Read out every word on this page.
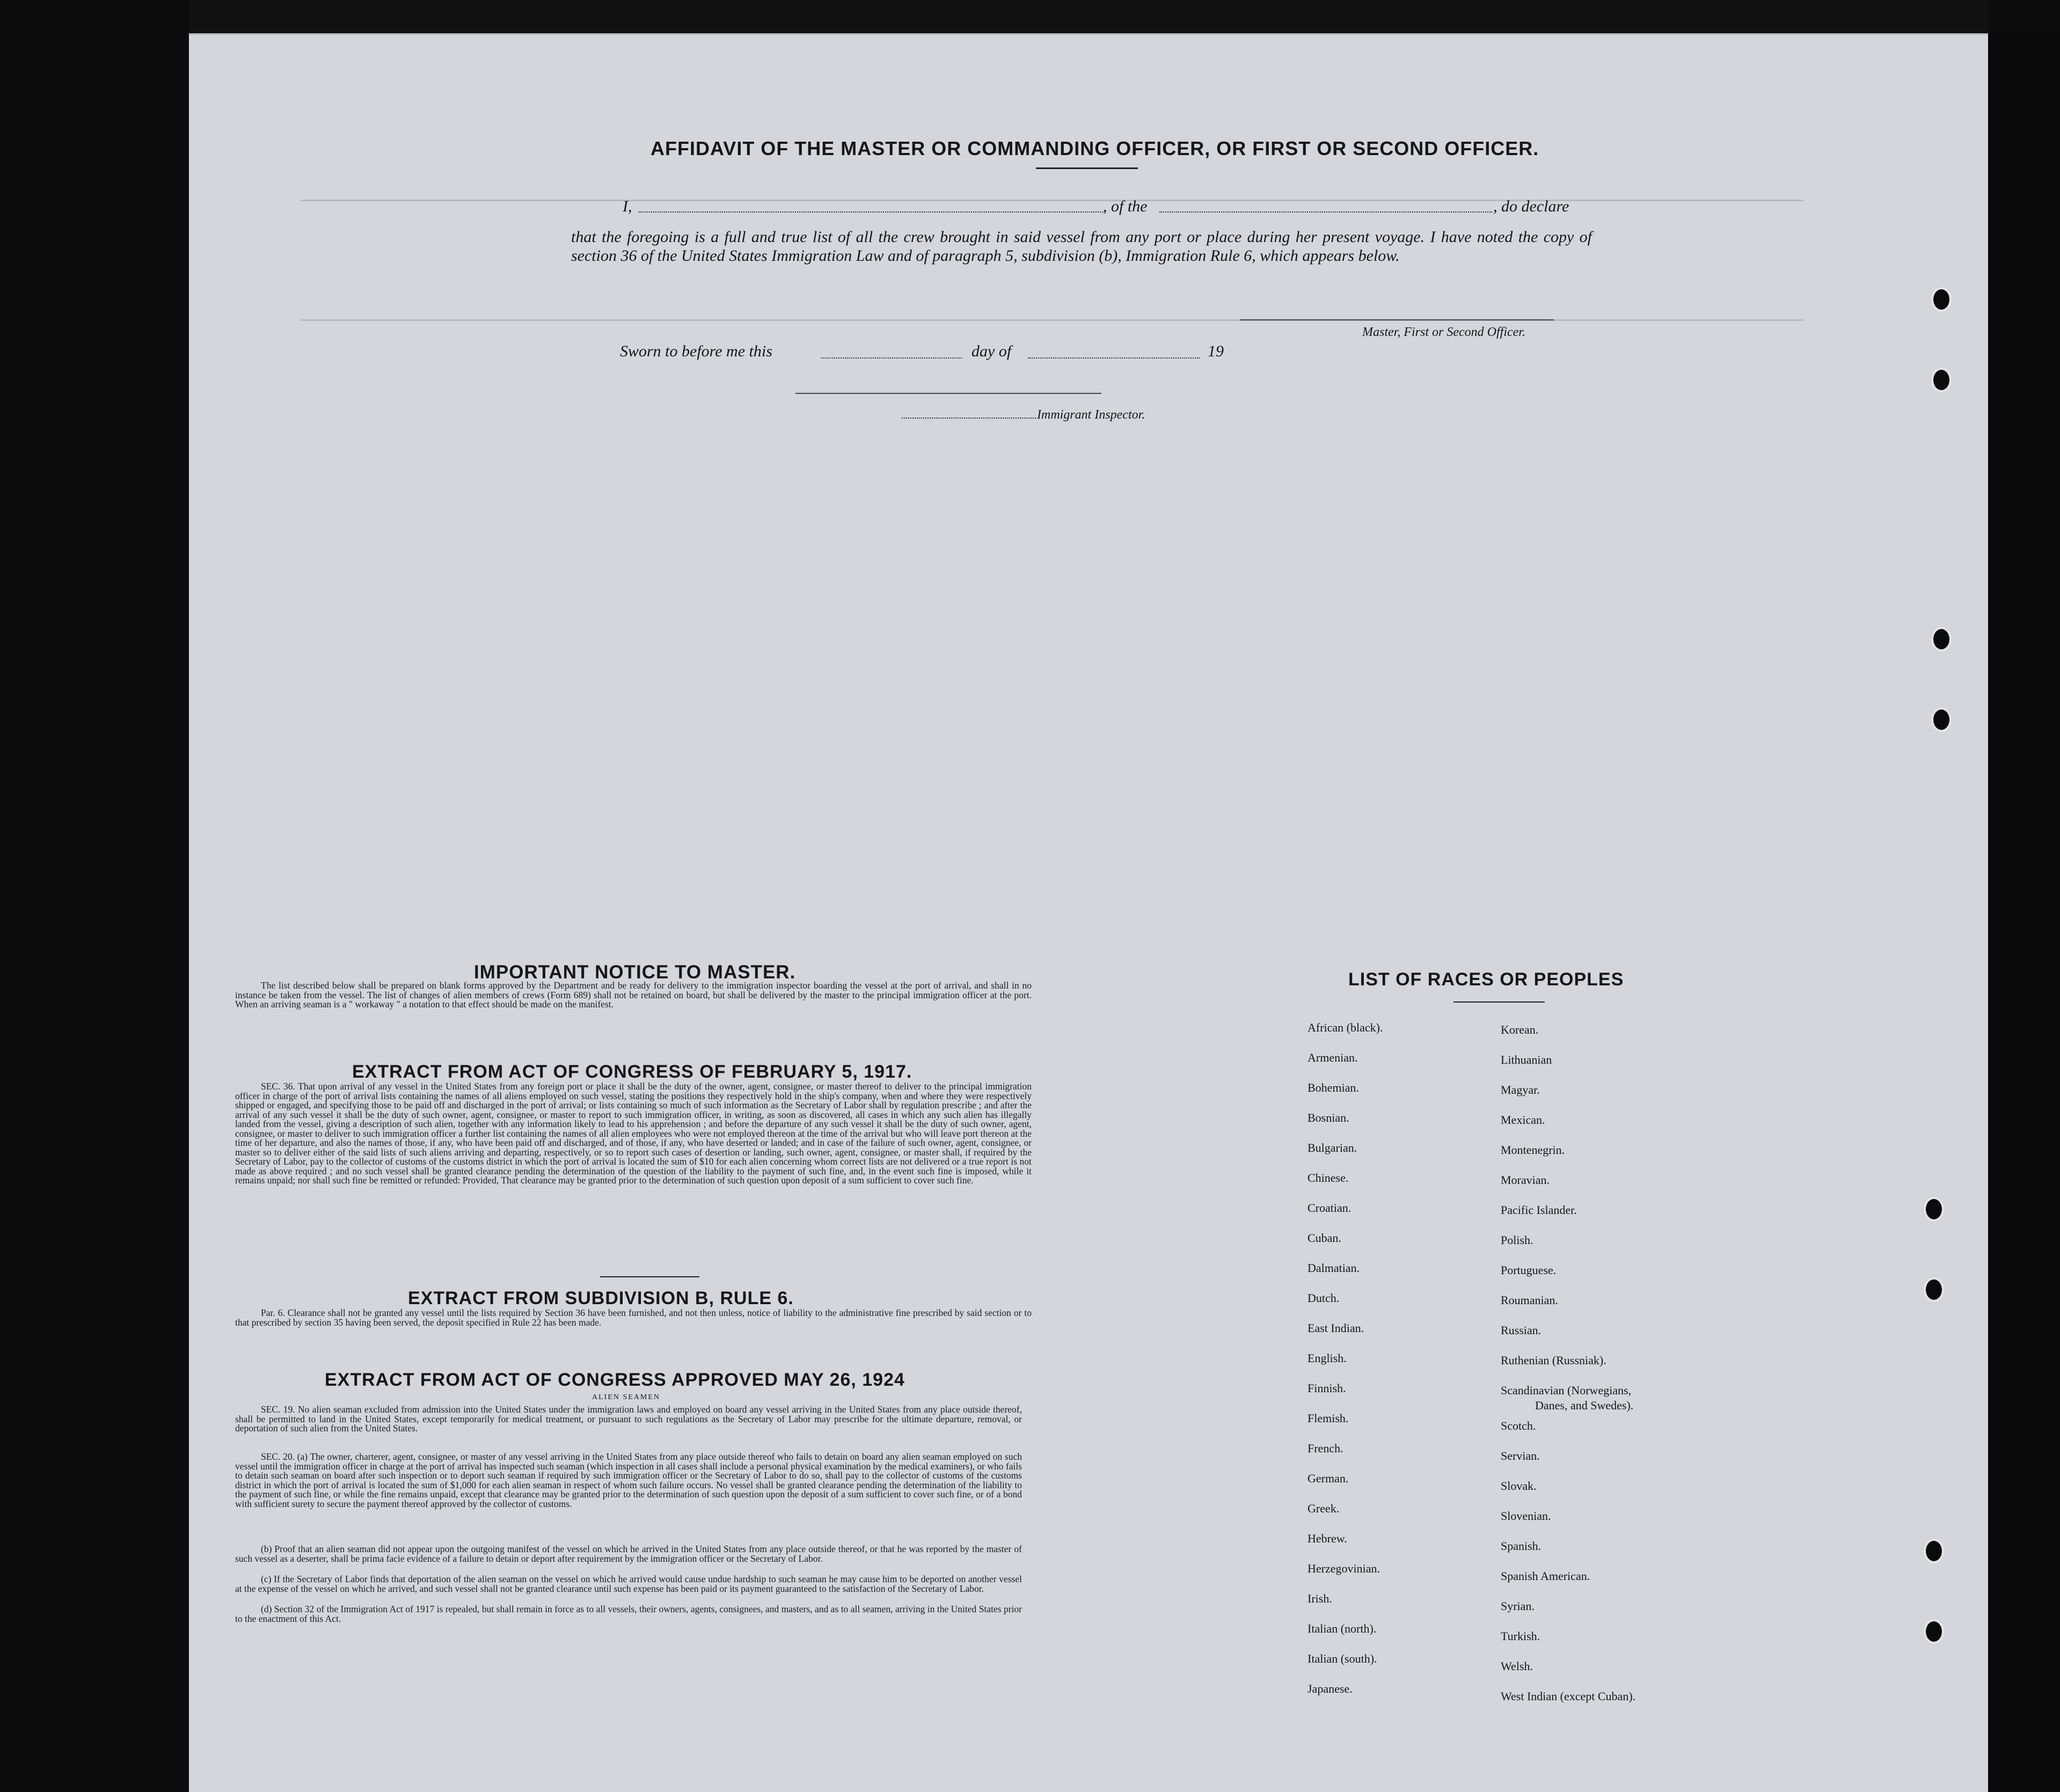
AFFIDAVIT OF THE MASTER OR COMMANDING OFFICER, OR FIRST OR SECOND OFFICER.
I,	, of the	, do declare
that the foregoing is a full and true list of all the crew brought in said vessel from any port or place during her present voyage. I have noted the copy of section 36 of the United States Immigration Law and of paragraph 5, subdivision (b), Immigration Rule 6, which appears below.
Master, First or Second Officer.
Sworn to before me this	day of	19
Immigrant Inspector.
IMPORTANT NOTICE TO MASTER.
The list described below shall be prepared on blank forms approved by the Department and be ready for delivery to the immigration inspector boarding the vessel at the port of arrival, and shall in no instance be taken from the vessel. The list of changes of alien members of crews (Form 689) shall not be retained on board, but shall be delivered by the master to the principal immigration officer at the port. When an arriving seaman is a " workaway " a notation to that effect should be made on the manifest.
EXTRACT FROM ACT OF CONGRESS OF FEBRUARY 5, 1917.
SEC. 36. That upon arrival of any vessel in the United States from any foreign port or place it shall be the duty of the owner, agent, consignee, or master thereof to deliver to the principal immigration officer in charge of the port of arrival lists containing the names of all aliens employed on such vessel, stating the positions they respectively hold in the ship's company, when and where they were respectively shipped or engaged, and specifying those to be paid off and discharged in the port of arrival; or lists containing so much of such information as the Secretary of Labor shall by regulation prescribe ; and after the arrival of any such vessel it shall be the duty of such owner, agent, consignee, or master to report to such immigration officer, in writing, as soon as discovered, all cases in which any such alien has illegally landed from the vessel, giving a description of such alien, together with any information likely to lead to his apprehension ; and before the departure of any such vessel it shall be the duty of such owner, agent, consignee, or master to deliver to such immigration officer a further list containing the names of all alien employees who were not employed thereon at the time of the arrival but who will leave port thereon at the time of her departure, and also the names of those, if any, who have been paid off and discharged, and of those, if any, who have deserted or landed; and in case of the failure of such owner, agent, consignee, or master so to deliver either of the said lists of such aliens arriving and departing, respectively, or so to report such cases of desertion or landing, such owner, agent, consignee, or master shall, if required by the Secretary of Labor, pay to the collector of customs of the customs district in which the port of arrival is located the sum of $10 for each alien concerning whom correct lists are not delivered or a true report is not made as above required ; and no such vessel shall be granted clearance pending the determination of the question of the liability to the payment of such fine, and, in the event such fine is imposed, while it remains unpaid; nor shall such fine be remitted or refunded: Provided, That clearance may be granted prior to the determination of such question upon deposit of a sum sufficient to cover such fine.
EXTRACT FROM SUBDIVISION B, RULE 6.
Par. 6. Clearance shall not be granted any vessel until the lists required by Section 36 have been furnished, and not then unless, notice of liability to the administrative fine prescribed by said section or to that prescribed by section 35 having been served, the deposit specified in Rule 22 has been made.
EXTRACT FROM ACT OF CONGRESS APPROVED MAY 26, 1924
ALIEN SEAMEN
SEC. 19. No alien seaman excluded from admission into the United States under the immigration laws and employed on board any vessel arriving in the United States from any place outside thereof, shall be permitted to land in the United States, except temporarily for medical treatment, or pursuant to such regulations as the Secretary of Labor may prescribe for the ultimate departure, removal, or deportation of such alien from the United States.
SEC. 20. (a) The owner, charterer, agent, consignee, or master of any vessel arriving in the United States from any place outside thereof who fails to detain on board any alien seaman employed on such vessel until the immigration officer in charge at the port of arrival has inspected such seaman (which inspection in all cases shall include a personal physical examination by the medical examiners), or who fails to detain such seaman on board after such inspection or to deport such seaman if required by such immigration officer or the Secretary of Labor to do so, shall pay to the collector of customs of the customs district in which the port of arrival is located the sum of $1,000 for each alien seaman in respect of whom such failure occurs. No vessel shall be granted clearance pending the determination of the liability to the payment of such fine, or while the fine remains unpaid, except that clearance may be granted prior to the determination of such question upon the deposit of a sum sufficient to cover such fine, or of a bond with sufficient surety to secure the payment thereof approved by the collector of customs.
(b) Proof that an alien seaman did not appear upon the outgoing manifest of the vessel on which he arrived in the United States from any place outside thereof, or that he was reported by the master of such vessel as a deserter, shall be prima facie evidence of a failure to detain or deport after requirement by the immigration officer or the Secretary of Labor.
(c) If the Secretary of Labor finds that deportation of the alien seaman on the vessel on which he arrived would cause undue hardship to such seaman he may cause him to be deported on another vessel at the expense of the vessel on which he arrived, and such vessel shall not be granted clearance until such expense has been paid or its payment guaranteed to the satisfaction of the Secretary of Labor.
(d) Section 32 of the Immigration Act of 1917 is repealed, but shall remain in force as to all vessels, their owners, agents, consignees, and masters, and as to all seamen, arriving in the United States prior to the enactment of this Act.
LIST OF RACES OR PEOPLES
African (black).
Armenian.
Bohemian.
Bosnian.
Bulgarian.
Chinese.
Croatian.
Cuban.
Dalmatian.
Dutch.
East Indian.
English.
Finnish.
Flemish.
French.
German.
Greek.
Hebrew.
Herzegovinian.
Irish.
Italian (north).
Italian (south).
Japanese.
Korean.
Lithuanian
Magyar.
Mexican.
Montenegrin.
Moravian.
Pacific Islander.
Polish.
Portuguese.
Roumanian.
Russian.
Ruthenian (Russniak).
Scandinavian (Norwegians,
Danes, and Swedes).
Scotch.
Servian.
Slovak.
Slovenian.
Spanish.
Spanish American.
Syrian.
Turkish.
Welsh.
West Indian (except Cuban).
